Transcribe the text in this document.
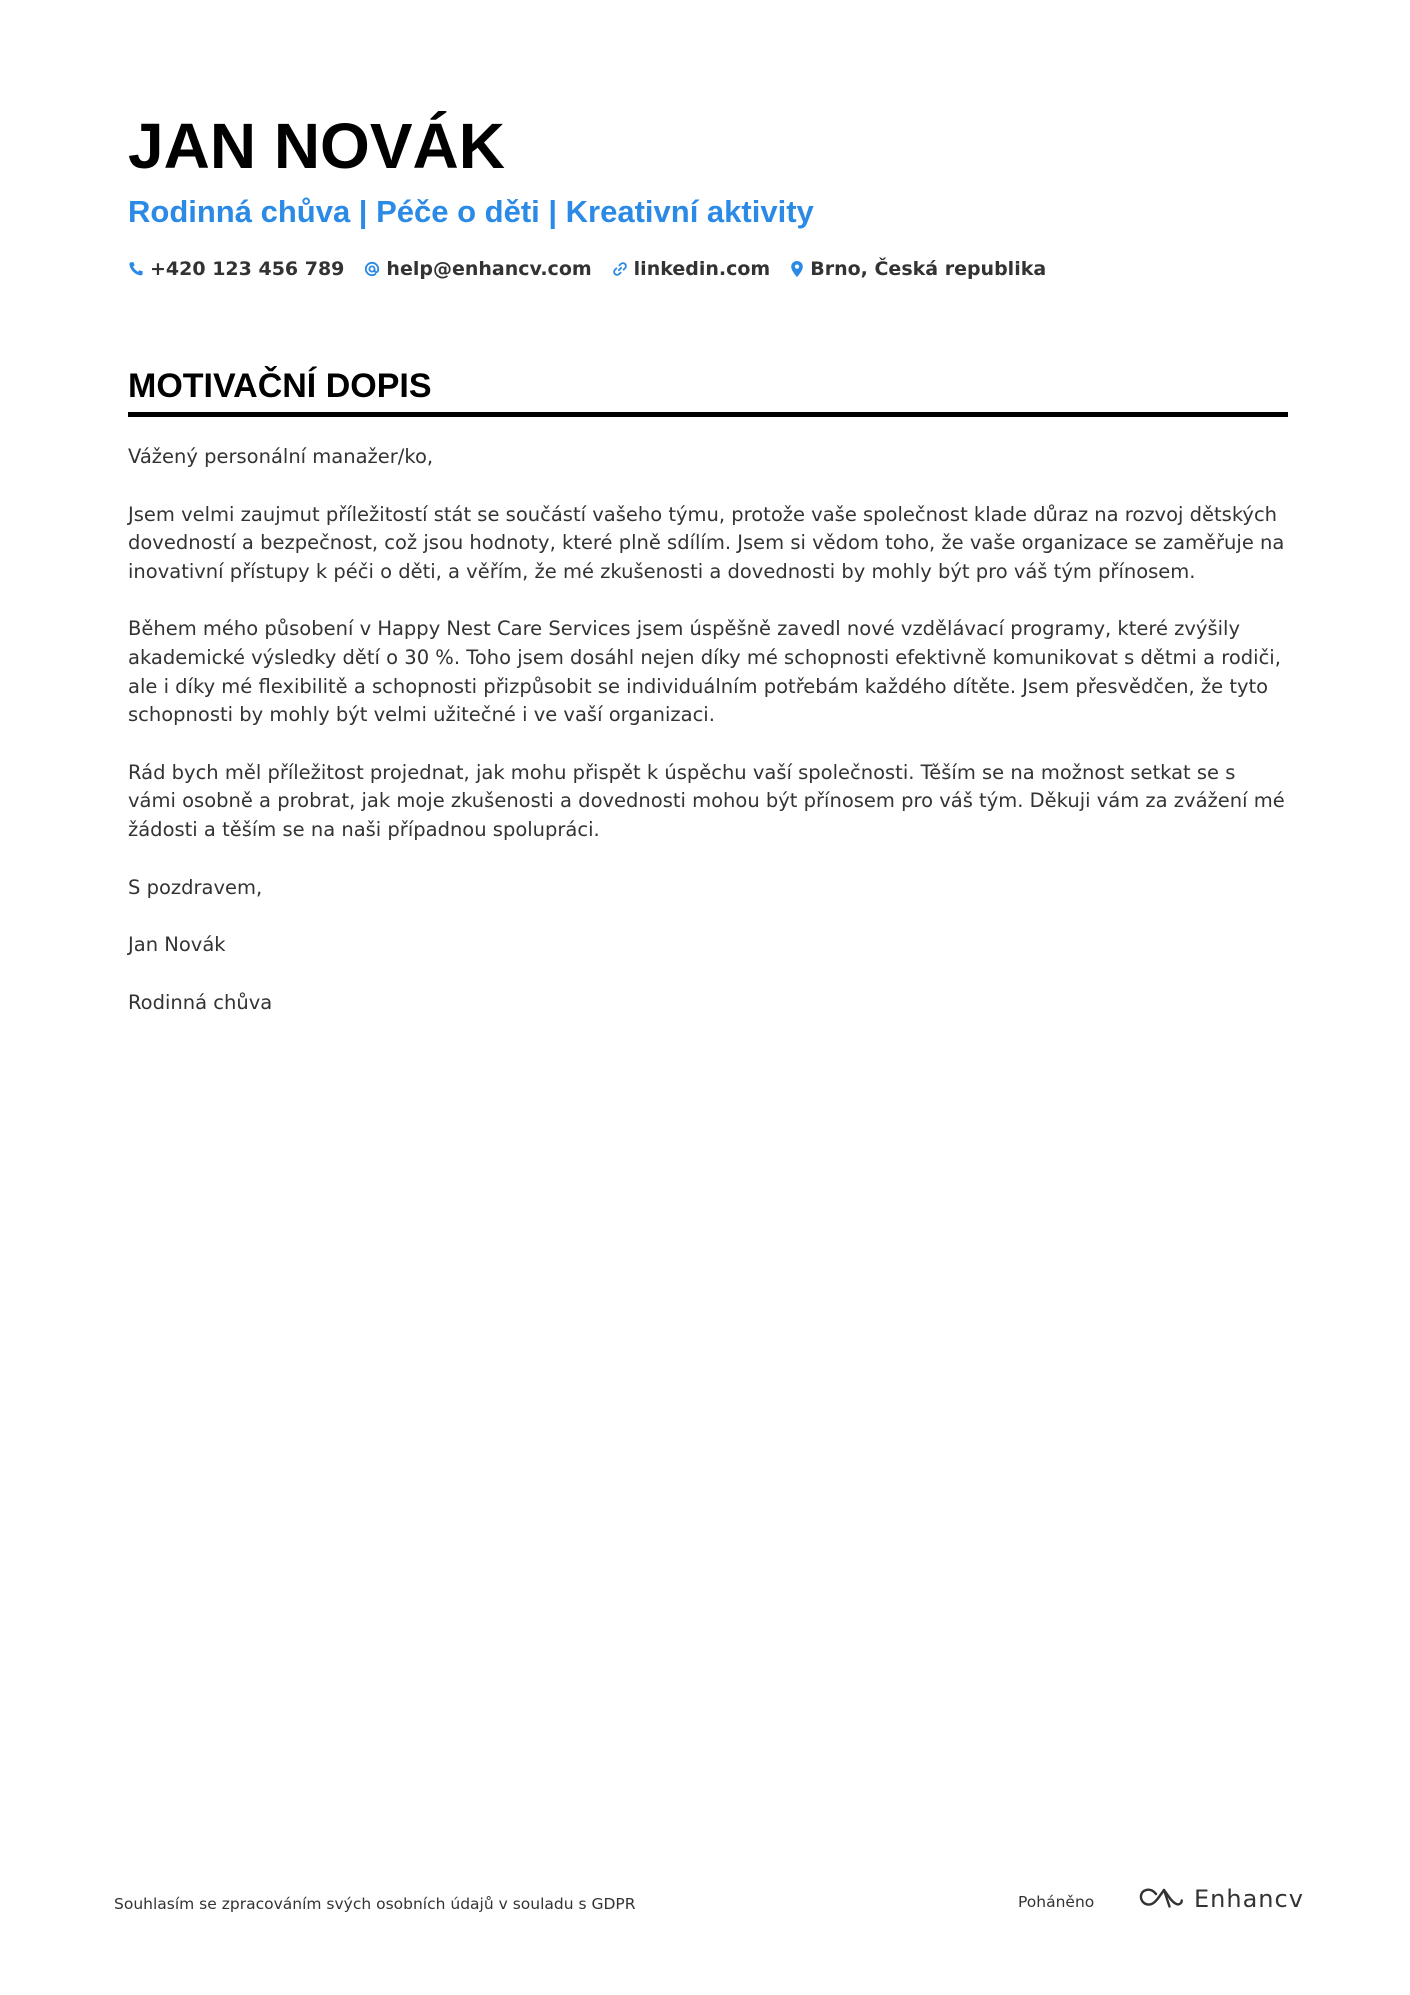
JAN NOVÁK
Rodinná chůva | Péče o děti | Kreativní aktivity
+420 123 456 789 help@enhancv.com linkedin.com Brno, Česká republika
MOTIVAČNÍ DOPIS

Vážený personální manažer/ko,

Jsem velmi zaujmut příležitostí stát se součástí vašeho týmu, protože vaše společnost klade důraz na rozvoj dětských dovedností a bezpečnost, což jsou hodnoty, které plně sdílím. Jsem si vědom toho, že vaše organizace se zaměřuje na inovativní přístupy k péči o děti, a věřím, že mé zkušenosti a dovednosti by mohly být pro váš tým přínosem.

Během mého působení v Happy Nest Care Services jsem úspěšně zavedl nové vzdělávací programy, které zvýšily akademické výsledky dětí o 30 %. Toho jsem dosáhl nejen díky mé schopnosti efektivně komunikovat s dětmi a rodiči, ale i díky mé flexibilitě a schopnosti přizpůsobit se individuálním potřebám každého dítěte. Jsem přesvědčen, že tyto schopnosti by mohly být velmi užitečné i ve vaší organizaci.

Rád bych měl příležitost projednat, jak mohu přispět k úspěchu vaší společnosti. Těším se na možnost setkat se s vámi osobně a probrat, jak moje zkušenosti a dovednosti mohou být přínosem pro váš tým. Děkuji vám za zvážení mé žádosti a těším se na naši případnou spolupráci.

S pozdravem,

Jan Novák

Rodinná chůva

Souhlasím se zpracováním svých osobních údajů v souladu s GDPR	Poháněno	Enhancv
